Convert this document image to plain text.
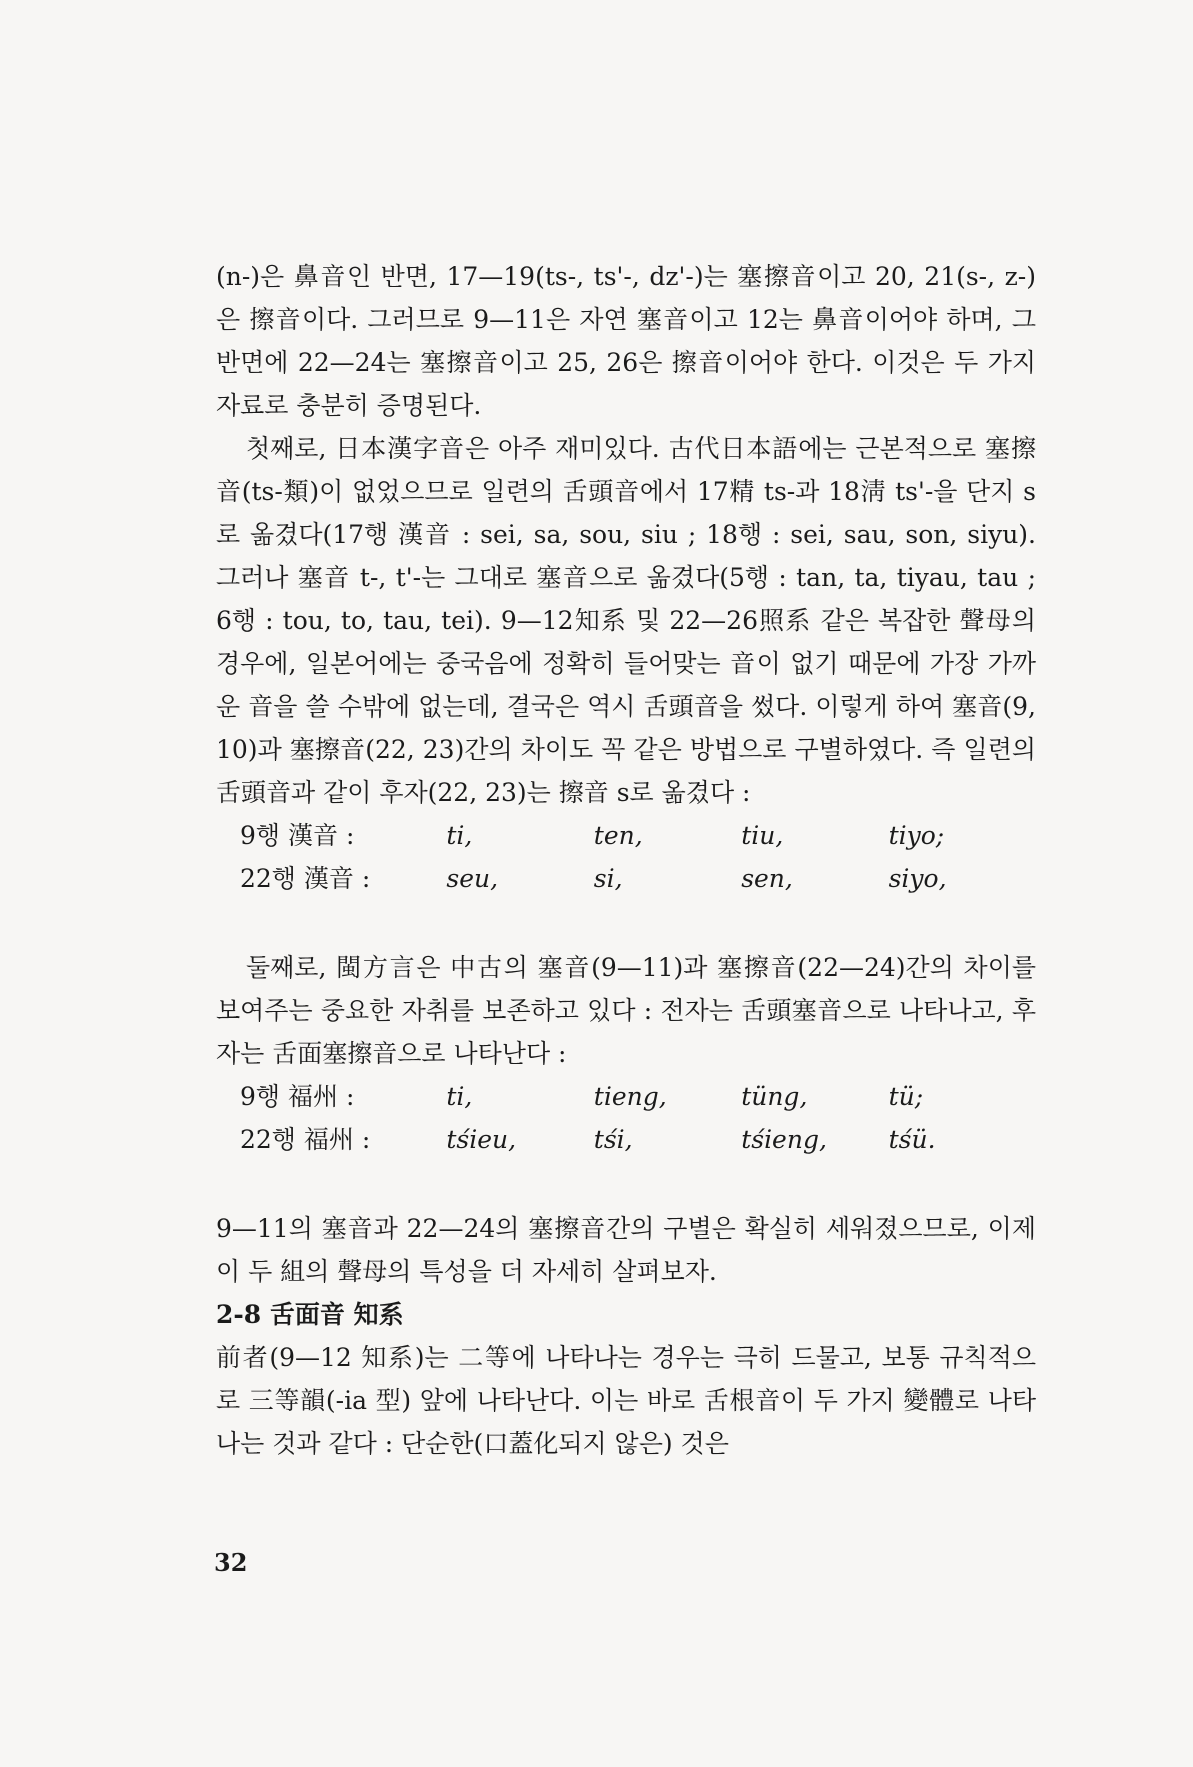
(n-)은 鼻音인 반면, 17—19(ts-, ts'-, dz'-)는 塞擦音이고 20, 21(s-, z-)은 擦音이다. 그러므로 9—11은 자연 塞音이고 12는 鼻音이어야 하며, 그 반면에 22—24는 塞擦音이고 25, 26은 擦音이어야 한다. 이것은 두 가지 자료로 충분히 증명된다.

첫째로, 日本漢字音은 아주 재미있다. 古代日本語에는 근본적으로 塞擦音(ts-類)이 없었으므로 일련의 舌頭音에서 17精 ts-과 18淸 ts'-을 단지 s로 옮겼다(17행 漢音 : sei, sa, sou, siu ; 18행 : sei, sau, son, siyu). 그러나 塞音 t-, t'-는 그대로 塞音으로 옮겼다(5행 : tan, ta, tiyau, tau ; 6행 : tou, to, tau, tei). 9—12知系 및 22—26照系 같은 복잡한 聲母의 경우에, 일본어에는 중국음에 정확히 들어맞는 音이 없기 때문에 가장 가까운 音을 쓸 수밖에 없는데, 결국은 역시 舌頭音을 썼다. 이렇게 하여 塞音(9, 10)과 塞擦音(22, 23)간의 차이도 꼭 같은 방법으로 구별하였다. 즉 일련의 舌頭音과 같이 후자(22, 23)는 擦音 s로 옮겼다 :

9행 漢音 :	ti,	ten,	tiu,	tiyo;
22행 漢音 :	seu,	si,	sen,	siyo,

둘째로, 閩方言은 中古의 塞音(9—11)과 塞擦音(22—24)간의 차이를 보여주는 중요한 자취를 보존하고 있다 : 전자는 舌頭塞音으로 나타나고, 후자는 舌面塞擦音으로 나타난다 :

9행 福州 :	ti,	tieng,	tüng,	tü;
22행 福州 :	tśieu,	tśi,	tśieng,	tśü.

9—11의 塞音과 22—24의 塞擦音간의 구별은 확실히 세워졌으므로, 이제 이 두 組의 聲母의 특성을 더 자세히 살펴보자.

2-8 舌面音 知系

前者(9—12 知系)는 二等에 나타나는 경우는 극히 드물고, 보통 규칙적으로 三等韻(-ia 型) 앞에 나타난다. 이는 바로 舌根音이 두 가지 變體로 나타나는 것과 같다 : 단순한(口蓋化되지 않은) 것은

32
